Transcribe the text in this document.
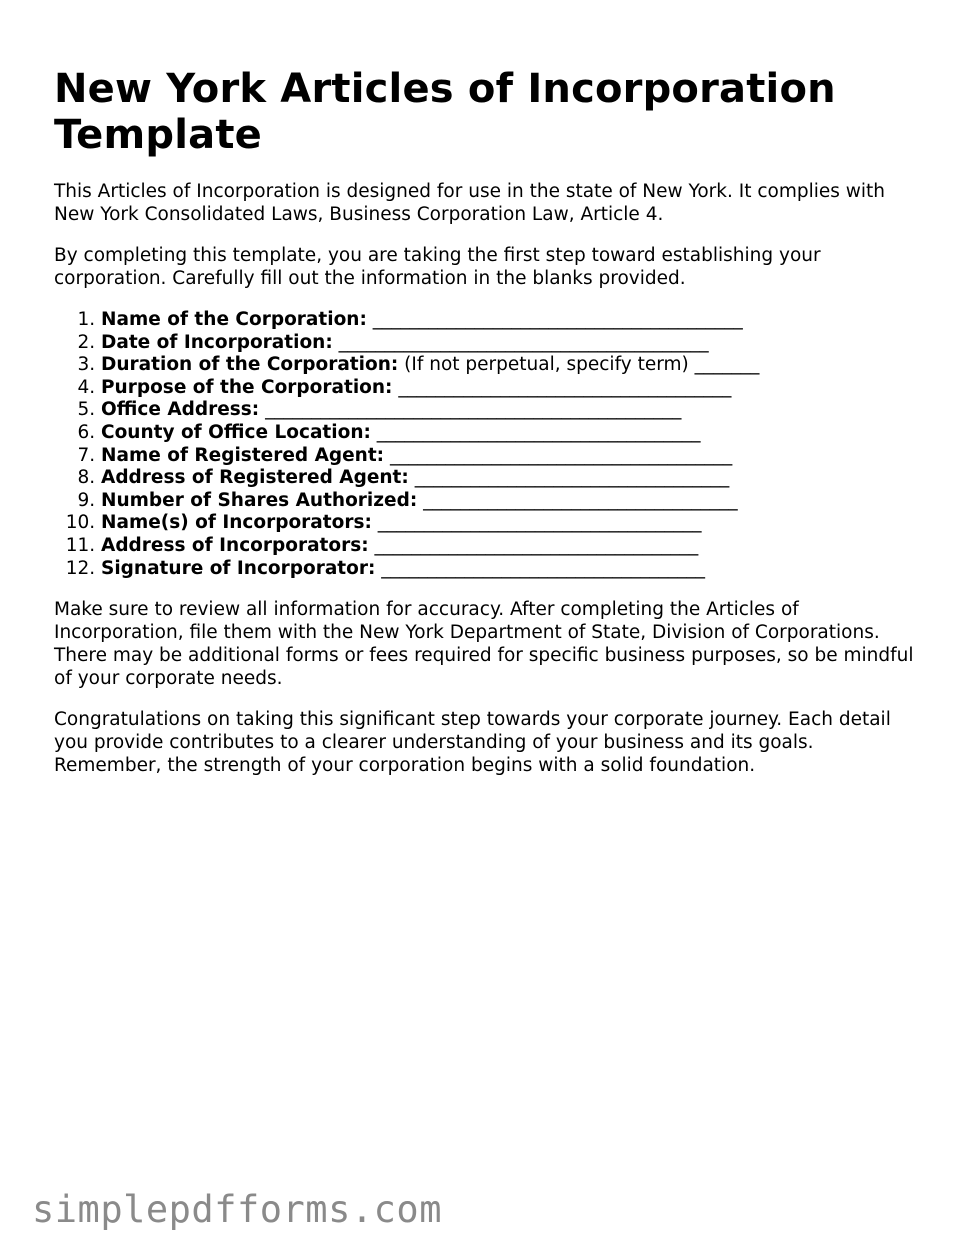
New York Articles of Incorporation Template

This Articles of Incorporation is designed for use in the state of New York. It complies with New York Consolidated Laws, Business Corporation Law, Article 4.

By completing this template, you are taking the first step toward establishing your corporation. Carefully fill out the information in the blanks provided.

1. Name of the Corporation: ________________________________________
2. Date of Incorporation: ________________________________________
3. Duration of the Corporation: (If not perpetual, specify term) _______
4. Purpose of the Corporation: ____________________________________
5. Office Address: _____________________________________________
6. County of Office Location: ___________________________________
7. Name of Registered Agent: _____________________________________
8. Address of Registered Agent: __________________________________
9. Number of Shares Authorized: __________________________________
10. Name(s) of Incorporators: ___________________________________
11. Address of Incorporators: ___________________________________
12. Signature of Incorporator: ___________________________________

Make sure to review all information for accuracy. After completing the Articles of Incorporation, file them with the New York Department of State, Division of Corporations. There may be additional forms or fees required for specific business purposes, so be mindful of your corporate needs.

Congratulations on taking this significant step towards your corporate journey. Each detail you provide contributes to a clearer understanding of your business and its goals. Remember, the strength of your corporation begins with a solid foundation.

simplepdfforms.com
